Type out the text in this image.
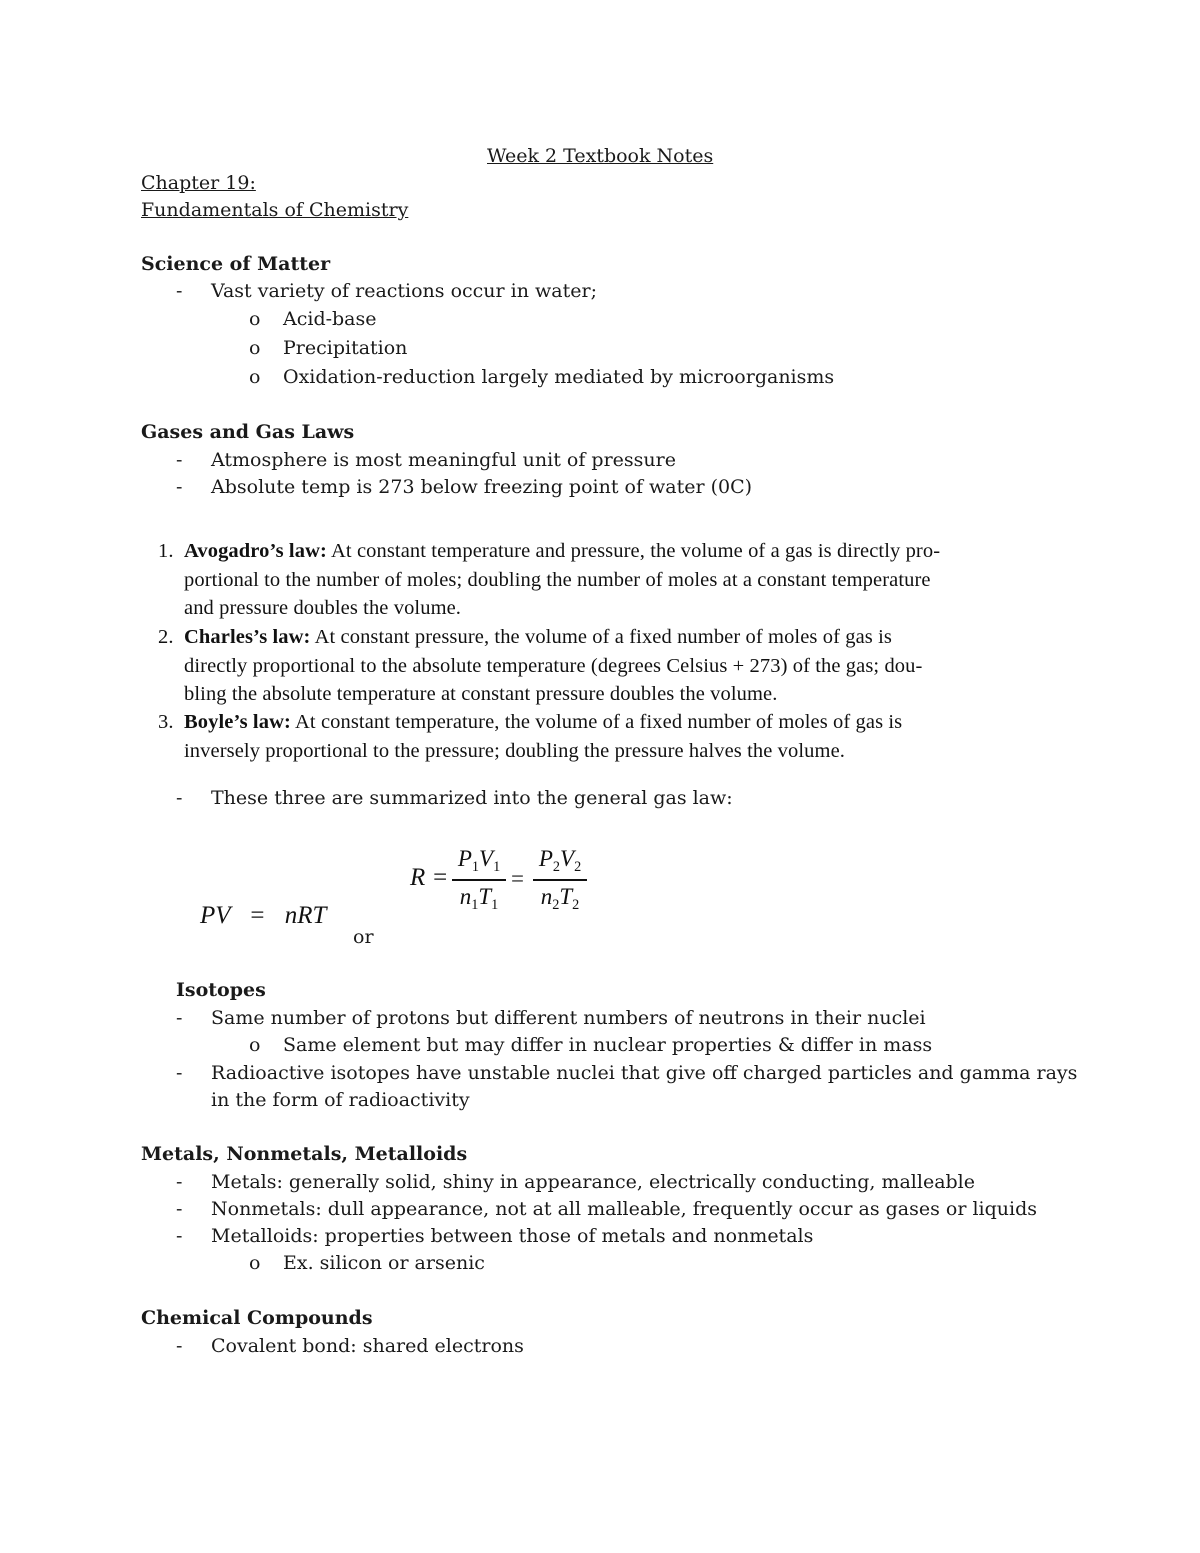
Week 2 Textbook Notes
Chapter 19:
Fundamentals of Chemistry
Science of Matter
- Vast variety of reactions occur in water;
o Acid-base
o Precipitation
o Oxidation-reduction largely mediated by microorganisms
Gases and Gas Laws
- Atmosphere is most meaningful unit of pressure
- Absolute temp is 273 below freezing point of water (0C)
1. Avogadro’s law: At constant temperature and pressure, the volume of a gas is directly pro-
portional to the number of moles; doubling the number of moles at a constant temperature
and pressure doubles the volume.
2. Charles’s law: At constant pressure, the volume of a fixed number of moles of gas is
directly proportional to the absolute temperature (degrees Celsius + 273) of the gas; dou-
bling the absolute temperature at constant pressure doubles the volume.
3. Boyle’s law: At constant temperature, the volume of a fixed number of moles of gas is
inversely proportional to the pressure; doubling the pressure halves the volume.
- These three are summarized into the general gas law:
PV = nRT
or
R =
$P_1V_1$
$n_1T_1$
=
$P_2V_2$
$n_2T_2$
Isotopes
- Same number of protons but different numbers of neutrons in their nuclei
o Same element but may differ in nuclear properties & differ in mass
- Radioactive isotopes have unstable nuclei that give off charged particles and gamma rays
in the form of radioactivity
Metals, Nonmetals, Metalloids
- Metals: generally solid, shiny in appearance, electrically conducting, malleable
- Nonmetals: dull appearance, not at all malleable, frequently occur as gases or liquids
- Metalloids: properties between those of metals and nonmetals
o Ex. silicon or arsenic
Chemical Compounds
- Covalent bond: shared electrons
